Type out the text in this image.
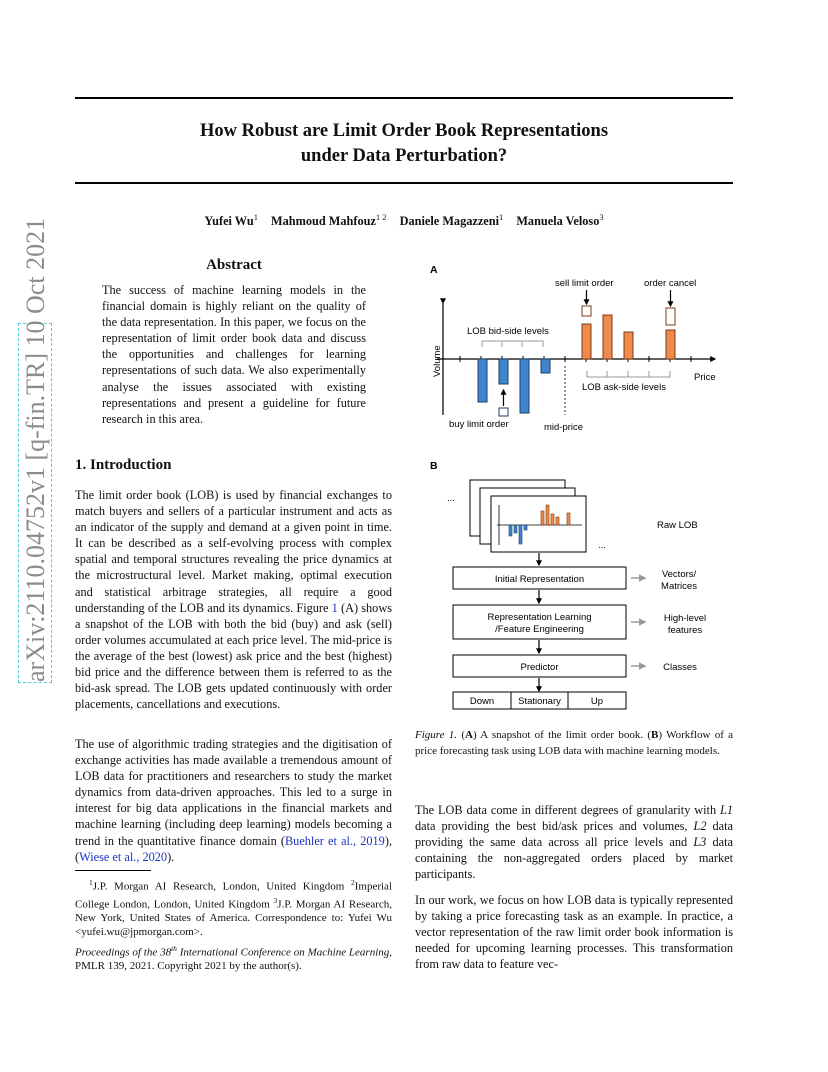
arXiv:2110.04752v1 [q-fin.TR] 10 Oct 2021
How Robust are Limit Order Book Representations
under Data Perturbation?
Yufei Wu$^1$ Mahmoud Mahfouz$^{1 2}$ Daniele Magazzeni$^1$ Manuela Veloso$^3$
Abstract
The success of machine learning models in the financial domain is highly reliant on the quality of the data representation. In this paper, we focus on the representation of limit order book data and discuss the opportunities and challenges for learning representations of such data. We also experimentally analyse the issues associated with existing representations and present a guideline for future research in this area.
1. Introduction
The limit order book (LOB) is used by financial exchanges to match buyers and sellers of a particular instrument and acts as an indicator of the supply and demand at a given point in time. It can be described as a self-evolving process with complex spatial and temporal structures revealing the price dynamics at the microstructural level. Market making, optimal execution and statistical arbitrage strategies, all require a good understanding of the LOB and its dynamics. Figure 1 (A) shows a snapshot of the LOB with both the bid (buy) and ask (sell) order volumes accumulated at each price level. The mid-price is the average of the best (lowest) ask price and the best (highest) bid price and the difference between them is referred to as the bid-ask spread. The LOB gets updated continuously with order placements, cancellations and executions.
The use of algorithmic trading strategies and the digitisation of exchange activities has made available a tremendous amount of LOB data for practitioners and researchers to study the market dynamics from data-driven approaches. This led to a surge in interest for big data applications in the financial markets and machine learning (including deep learning) models becoming a trend in the quantitative finance domain (Buehler et al., 2019), (Wiese et al., 2020).
$^1$J.P. Morgan AI Research, London, United Kingdom $^2$Imperial College London, London, United Kingdom $^3$J.P. Morgan AI Research, New York, United States of America. Correspondence to: Yufei Wu <yufei.wu@jpmorgan.com>.
Proceedings of the 38th International Conference on Machine Learning, PMLR 139, 2021. Copyright 2021 by the author(s).
A
sell limit order	order cancel
LOB bid-side levels
Volume
Price
LOB ask-side levels
buy limit order	mid-price
B
...
...
Raw LOB
Initial Representation	Vectors/
Matrices
Representation Learning
/Feature Engineering
High-level
features
Predictor	Classes
Down	Stationary	Up
Figure 1. (A) A snapshot of the limit order book. (B) Workflow of a price forecasting task using LOB data with machine learning models.
The LOB data come in different degrees of granularity with L1 data providing the best bid/ask prices and volumes, L2 data providing the same data across all price levels and L3 data containing the non-aggregated orders placed by market participants.
In our work, we focus on how LOB data is typically represented by taking a price forecasting task as an example. In practice, a vector representation of the raw limit order book information is needed for upcoming learning processes. This transformation from raw data to feature vec-
